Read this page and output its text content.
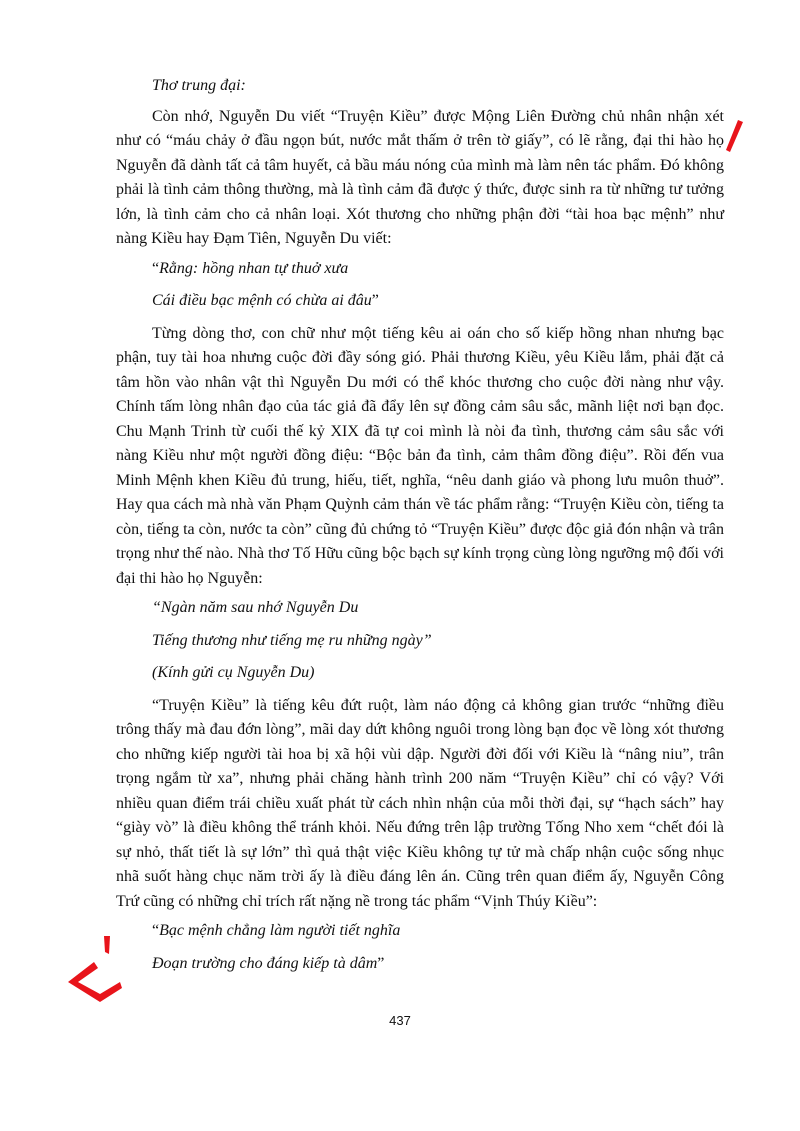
Thơ trung đại:

Còn nhớ, Nguyễn Du viết “Truyện Kiều” được Mộng Liên Đường chủ nhân nhận xét như có “máu chảy ở đầu ngọn bút, nước mắt thấm ở trên tờ giấy”, có lẽ rằng, đại thi hào họ Nguyễn đã dành tất cả tâm huyết, cả bầu máu nóng của mình mà làm nên tác phẩm. Đó không phải là tình cảm thông thường, mà là tình cảm đã được ý thức, được sinh ra từ những tư tưởng lớn, là tình cảm cho cả nhân loại. Xót thương cho những phận đời “tài hoa bạc mệnh” như nàng Kiều hay Đạm Tiên, Nguyễn Du viết:

“Rằng: hồng nhan tự thuở xưa

Cái điều bạc mệnh có chừa ai đâu”

Từng dòng thơ, con chữ như một tiếng kêu ai oán cho số kiếp hồng nhan nhưng bạc phận, tuy tài hoa nhưng cuộc đời đầy sóng gió. Phải thương Kiều, yêu Kiều lắm, phải đặt cả tâm hồn vào nhân vật thì Nguyễn Du mới có thể khóc thương cho cuộc đời nàng như vậy. Chính tấm lòng nhân đạo của tác giả đã đẩy lên sự đồng cảm sâu sắc, mãnh liệt nơi bạn đọc. Chu Mạnh Trinh từ cuối thế kỷ XIX đã tự coi mình là nòi đa tình, thương cảm sâu sắc với nàng Kiều như một người đồng điệu: “Bộc bản đa tình, cảm thâm đồng điệu”. Rồi đến vua Minh Mệnh khen Kiều đủ trung, hiếu, tiết, nghĩa, “nêu danh giáo và phong lưu muôn thuở”. Hay qua cách mà nhà văn Phạm Quỳnh cảm thán về tác phẩm rằng: “Truyện Kiều còn, tiếng ta còn, tiếng ta còn, nước ta còn” cũng đủ chứng tỏ “Truyện Kiều” được độc giả đón nhận và trân trọng như thế nào. Nhà thơ Tố Hữu cũng bộc bạch sự kính trọng cùng lòng ngưỡng mộ đối với đại thi hào họ Nguyễn:

“Ngàn năm sau nhớ Nguyễn Du

Tiếng thương như tiếng mẹ ru những ngày”

(Kính gửi cụ Nguyễn Du)

“Truyện Kiều” là tiếng kêu đứt ruột, làm náo động cả không gian trước “những điều trông thấy mà đau đớn lòng”, mãi day dứt không nguôi trong lòng bạn đọc về lòng xót thương cho những kiếp người tài hoa bị xã hội vùi dập. Người đời đối với Kiều là “nâng niu”, trân trọng ngắm từ xa”, nhưng phải chăng hành trình 200 năm “Truyện Kiều” chỉ có vậy? Với nhiều quan điểm trái chiều xuất phát từ cách nhìn nhận của mỗi thời đại, sự “hạch sách” hay “giày vò” là điều không thể tránh khỏi. Nếu đứng trên lập trường Tống Nho xem “chết đói là sự nhỏ, thất tiết là sự lớn” thì quả thật việc Kiều không tự tử mà chấp nhận cuộc sống nhục nhã suốt hàng chục năm trời ấy là điều đáng lên án. Cũng trên quan điểm ấy, Nguyễn Công Trứ cũng có những chỉ trích rất nặng nề trong tác phẩm “Vịnh Thúy Kiều”:

“Bạc mệnh chẳng làm người tiết nghĩa

Đoạn trường cho đáng kiếp tà dâm”

437
